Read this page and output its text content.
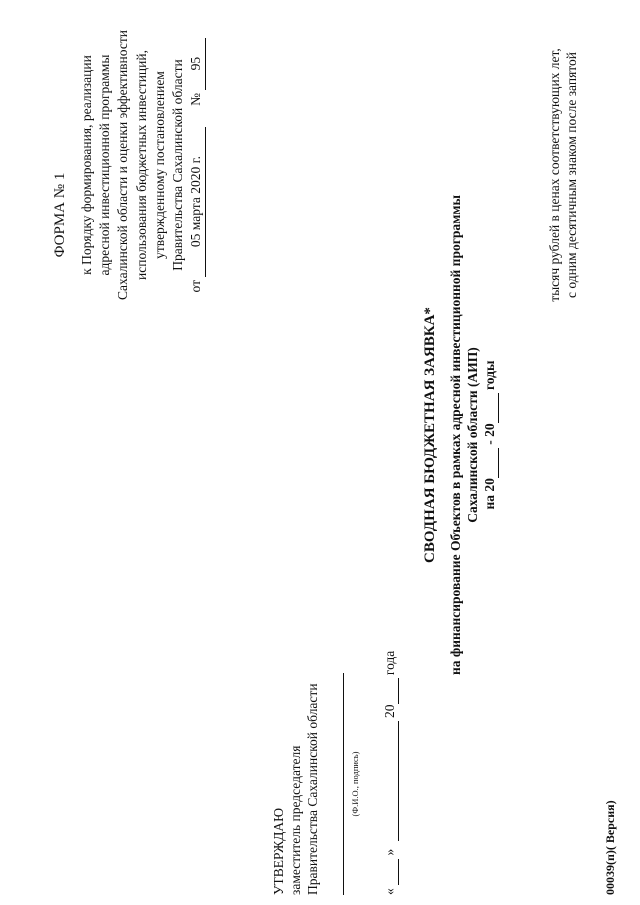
ФОРМА № 1 к Порядку формирования, реализации адресной инвестиционной программы Сахалинской области и оценки эффективности использования бюджетных инвестиций, утвержденному постановлением Правительства Сахалинской области
от 05 марта 2020 г.  № 95
УТВЕРЖДАЮ заместитель председателя Правительства Сахалинской области	(Ф.И.О., подпись)
«   »   20  года
СВОДНАЯ БЮДЖЕТНАЯ ЗАЯВКА* на финансирование Объектов в рамках адресной инвестиционной программы Сахалинской области (АИП) на 20  - 20  годы
тысяч рублей в ценах соответствующих лет, с одним десятичным знаком после запятой
00039(п)( Версия)
